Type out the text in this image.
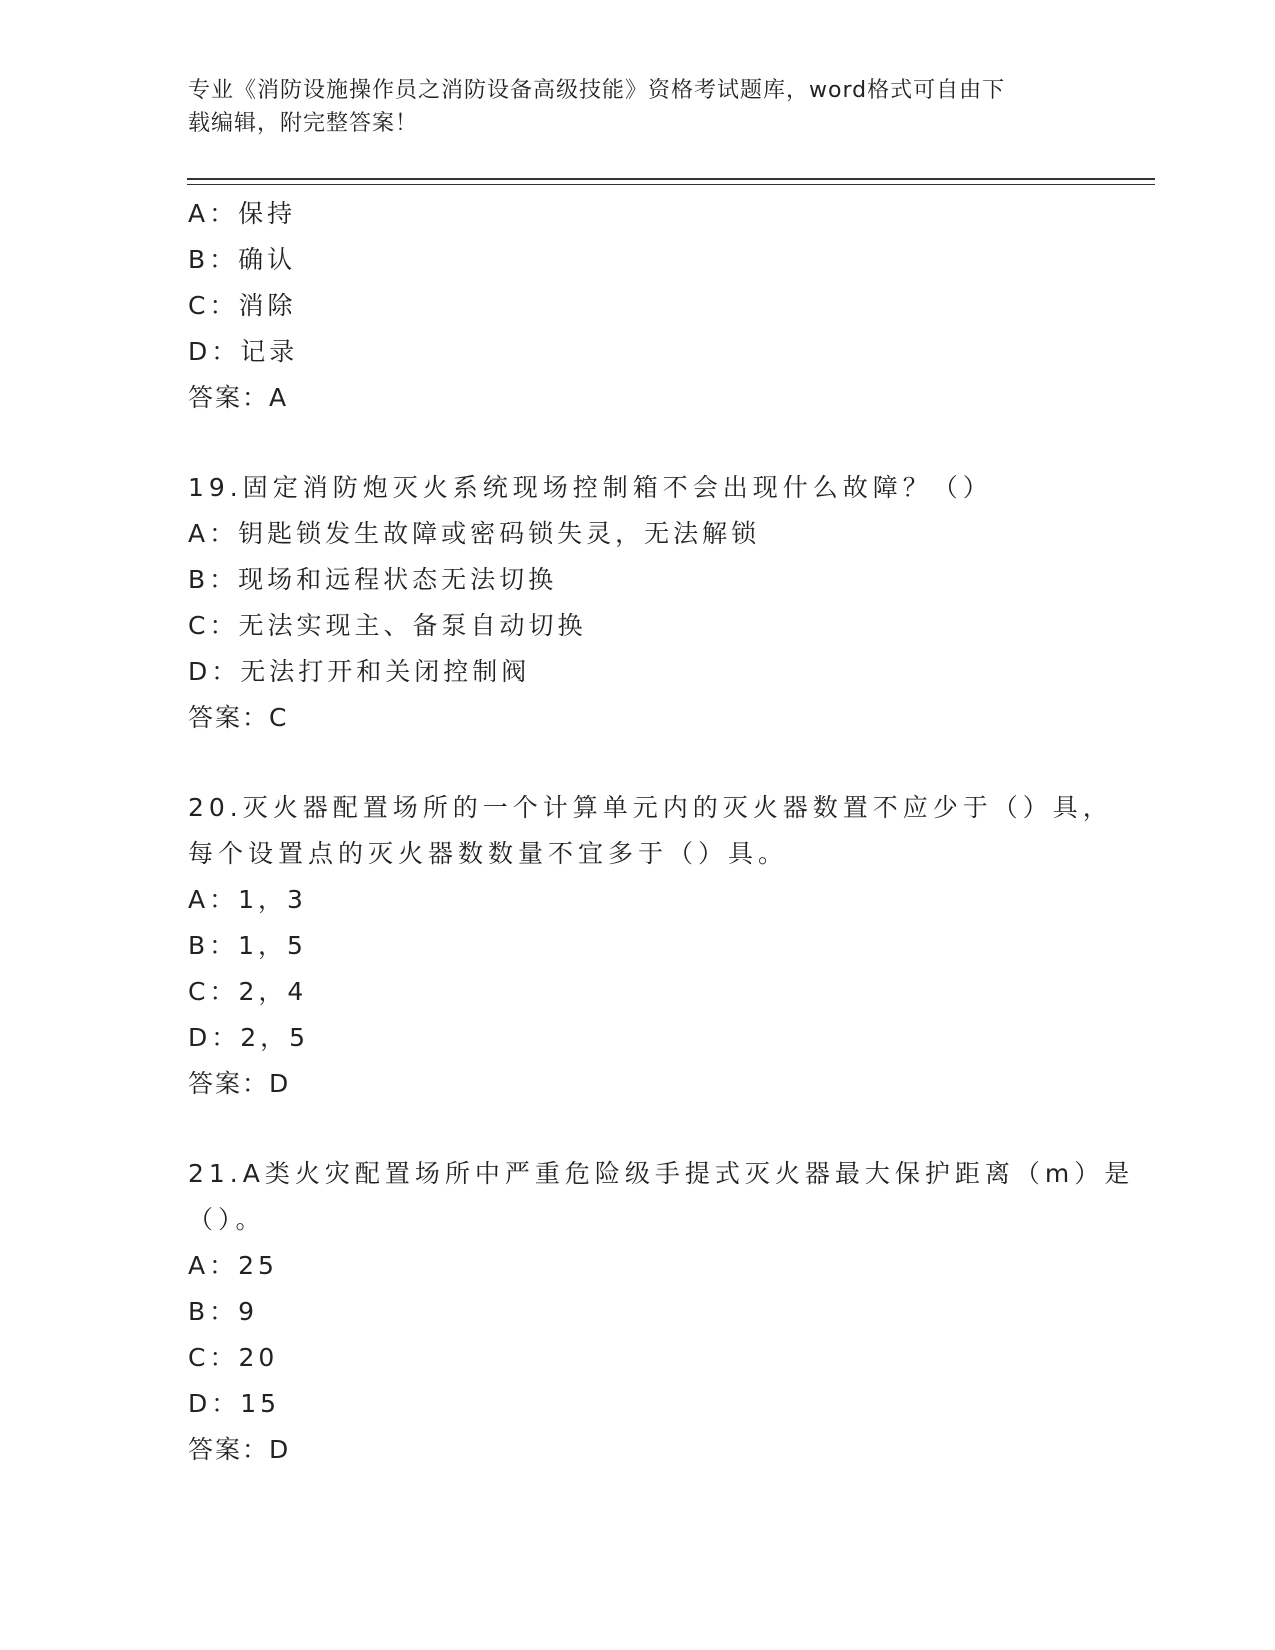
专业《消防设施操作员之消防设备高级技能》资格考试题库，word格式可自由下
载编辑，附完整答案！
A：保持
B：确认
C：消除
D：记录
答案：A
19.固定消防炮灭火系统现场控制箱不会出现什么故障？（）
A：钥匙锁发生故障或密码锁失灵，无法解锁
B：现场和远程状态无法切换
C：无法实现主、备泵自动切换
D：无法打开和关闭控制阀
答案：C
20.灭火器配置场所的一个计算单元内的灭火器数置不应少于（）具，
每个设置点的灭火器数数量不宜多于（）具。
A：1，3
B：1，5
C：2，4
D：2，5
答案：D
21.A类火灾配置场所中严重危险级手提式灭火器最大保护距离（m）是
（）。
A：25
B：9
C：20
D：15
答案：D
